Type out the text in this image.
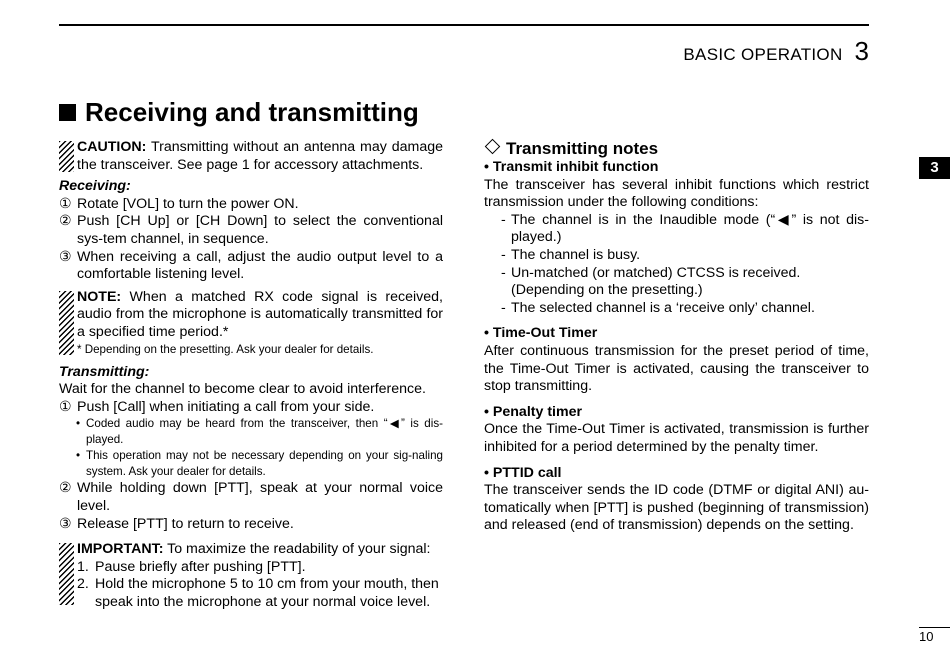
BASIC OPERATION 3
Receiving and transmitting
CAUTION: Transmitting without an antenna may damage the transceiver. See page 1 for accessory attachments.
Receiving:
① Rotate [VOL] to turn the power ON.
② Push [CH Up] or [CH Down] to select the conventional sys-tem channel, in sequence.
③ When receiving a call, adjust the audio output level to a comfortable listening level.
NOTE: When a matched RX code signal is received, audio from the microphone is automatically transmitted for a specified time period.*
* Depending on the presetting. Ask your dealer for details.
Transmitting:
Wait for the channel to become clear to avoid interference.
① Push [Call] when initiating a call from your side.
• Coded audio may be heard from the transceiver, then “◀” is dis-played.
• This operation may not be necessary depending on your sig-naling system. Ask your dealer for details.
② While holding down [PTT], speak at your normal voice level.
③ Release [PTT] to return to receive.
IMPORTANT: To maximize the readability of your signal:
1. Pause briefly after pushing [PTT].
2. Hold the microphone 5 to 10 cm from your mouth, then speak into the microphone at your normal voice level.
Transmitting notes
• Transmit inhibit function
The transceiver has several inhibit functions which restrict transmission under the following conditions:
- The channel is in the Inaudible mode (“◀” is not dis-played.)
- The channel is busy.
- Un-matched (or matched) CTCSS is received. (Depending on the presetting.)
- The selected channel is a ‘receive only’ channel.
• Time-Out Timer
After continuous transmission for the preset period of time, the Time-Out Timer is activated, causing the transceiver to stop transmitting.
• Penalty timer
Once the Time-Out Timer is activated, transmission is further inhibited for a period determined by the penalty timer.
• PTTID call
The transceiver sends the ID code (DTMF or digital ANI) au-tomatically when [PTT] is pushed (beginning of transmission) and released (end of transmission) depends on the setting.
3
10
